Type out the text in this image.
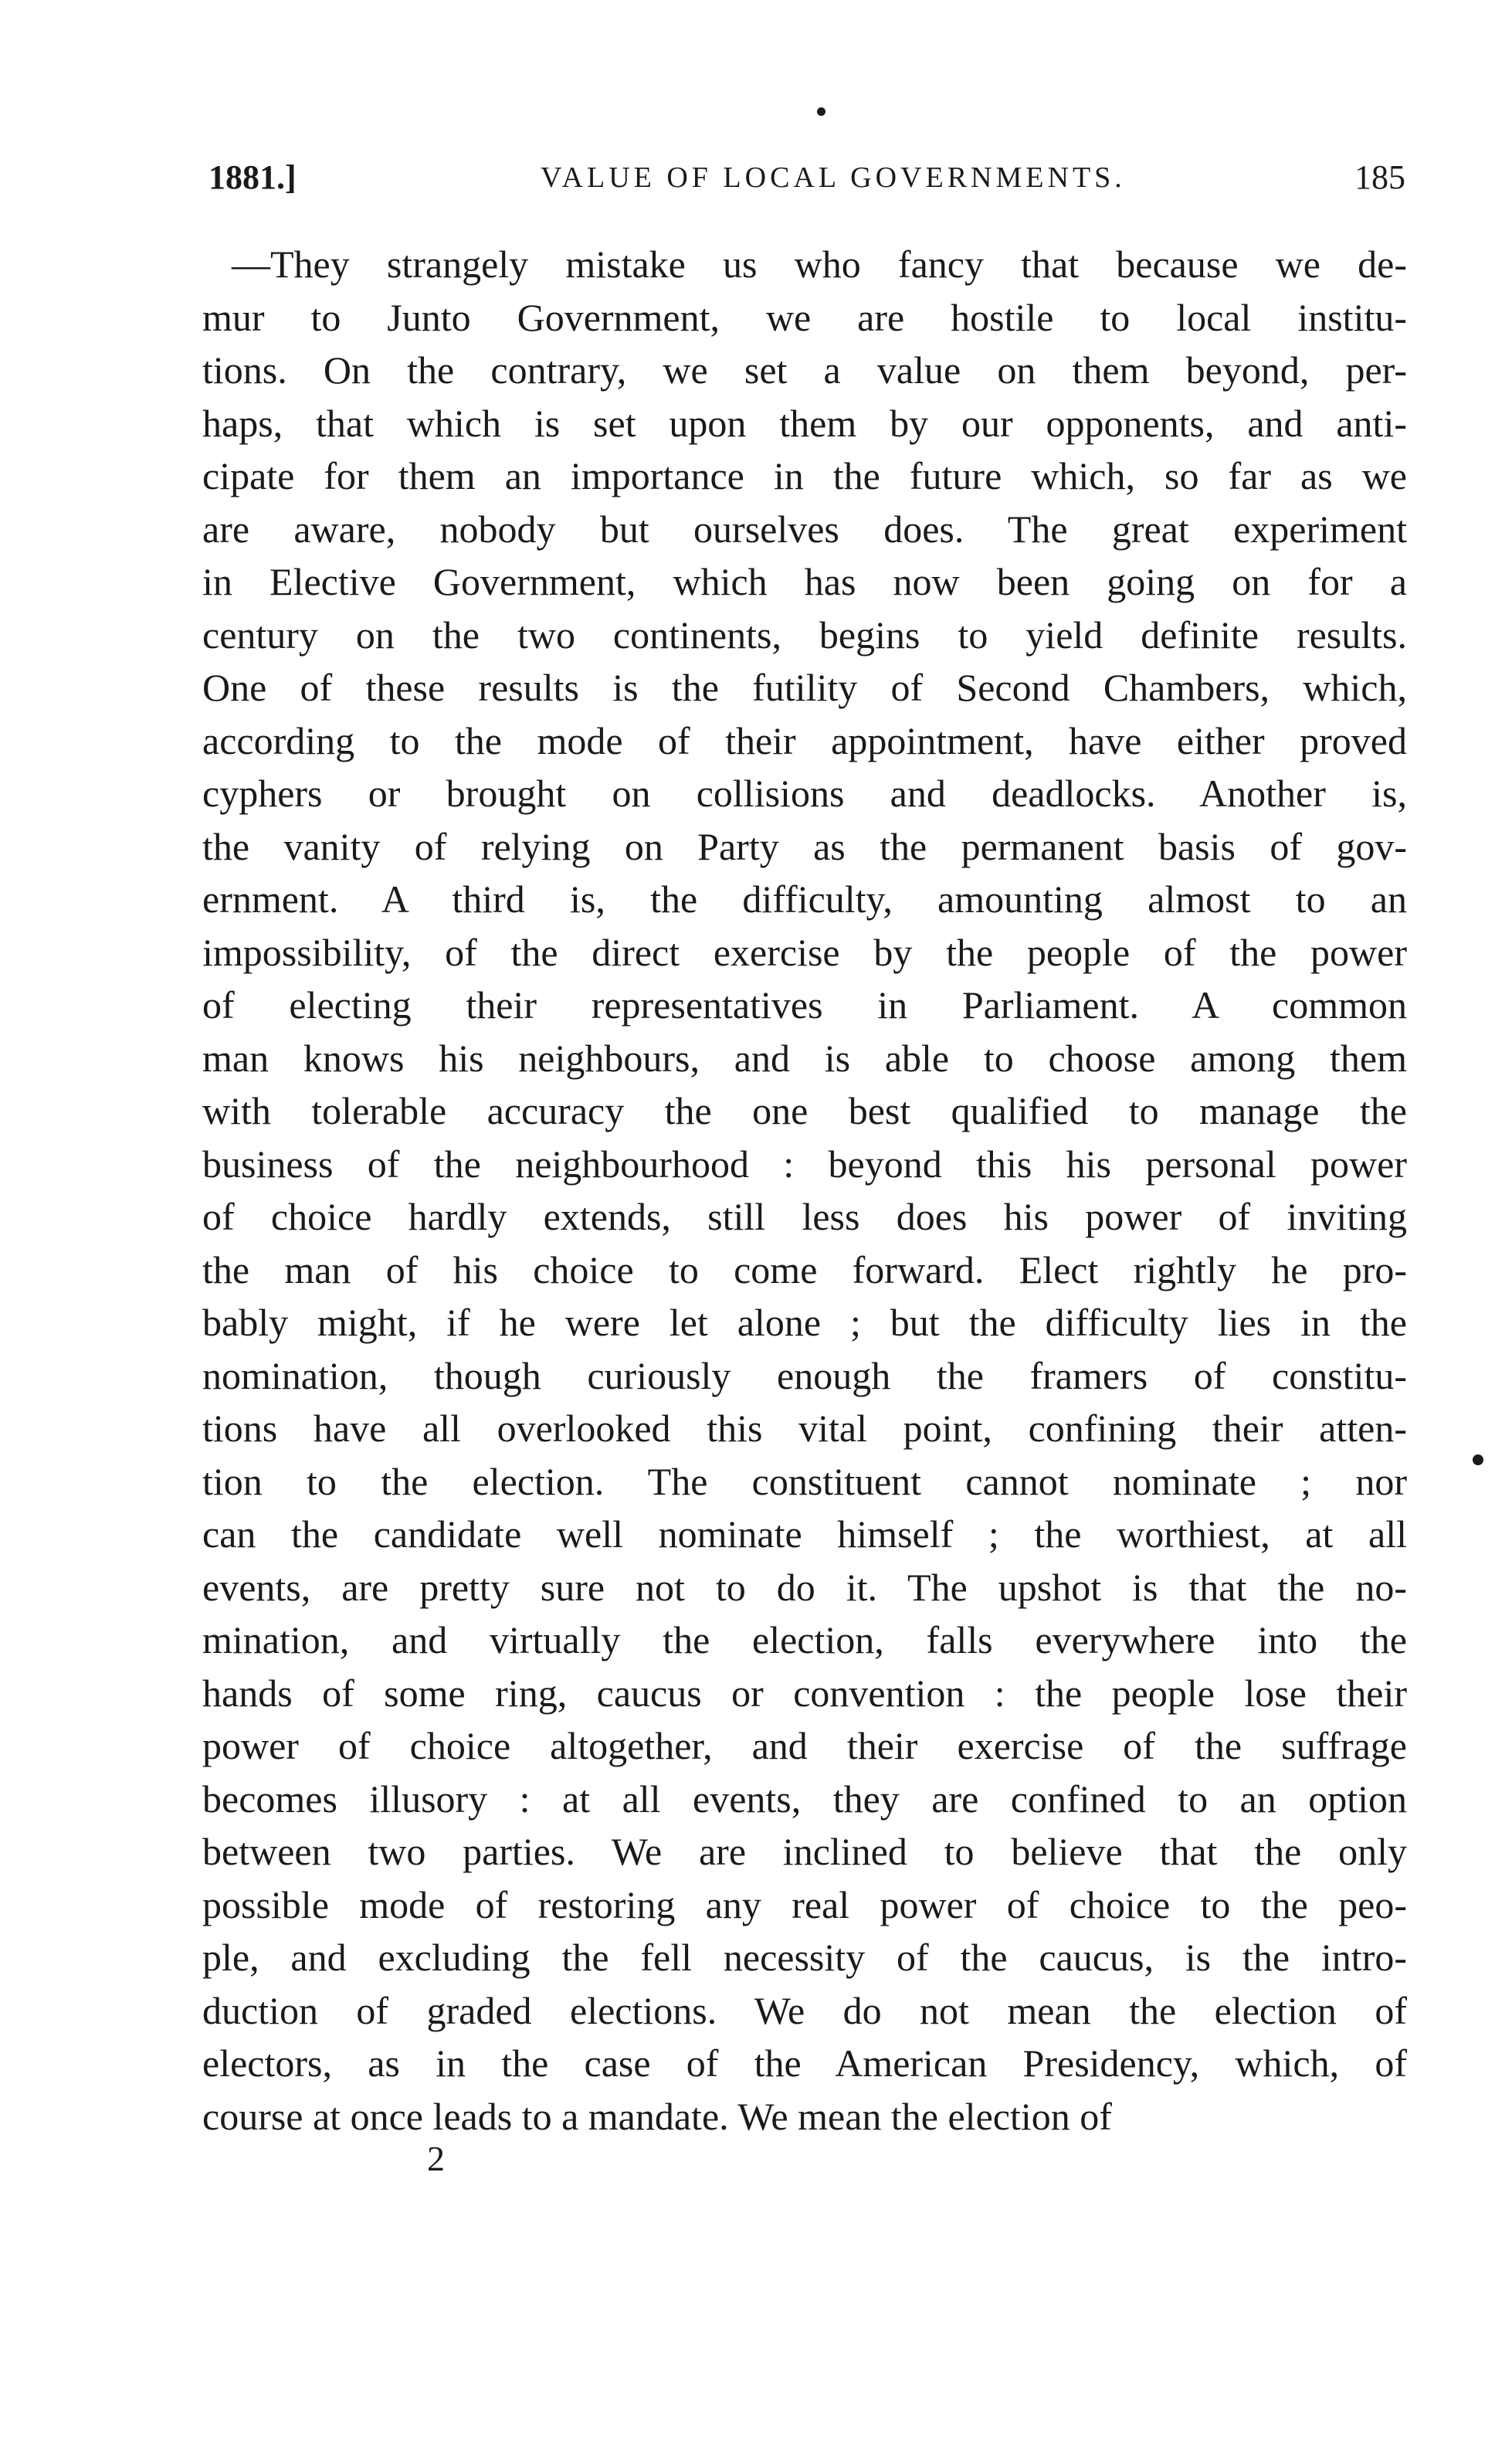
1881.]	VALUE OF LOCAL GOVERNMENTS.	185
—They strangely mistake us who fancy that because we de-
mur to Junto Government, we are hostile to local institu-
tions. On the contrary, we set a value on them beyond, per-
haps, that which is set upon them by our opponents, and anti-
cipate for them an importance in the future which, so far as we
are aware, nobody but ourselves does. The great experiment
in Elective Government, which has now been going on for a
century on the two continents, begins to yield definite results.
One of these results is the futility of Second Chambers, which,
according to the mode of their appointment, have either proved
cyphers or brought on collisions and deadlocks. Another is,
the vanity of relying on Party as the permanent basis of gov-
ernment. A third is, the difficulty, amounting almost to an
impossibility, of the direct exercise by the people of the power
of electing their representatives in Parliament. A common
man knows his neighbours, and is able to choose among them
with tolerable accuracy the one best qualified to manage the
business of the neighbourhood : beyond this his personal power
of choice hardly extends, still less does his power of inviting
the man of his choice to come forward. Elect rightly he pro-
bably might, if he were let alone ; but the difficulty lies in the
nomination, though curiously enough the framers of constitu-
tions have all overlooked this vital point, confining their atten-
tion to the election. The constituent cannot nominate ; nor
can the candidate well nominate himself ; the worthiest, at all
events, are pretty sure not to do it. The upshot is that the no-
mination, and virtually the election, falls everywhere into the
hands of some ring, caucus or convention : the people lose their
power of choice altogether, and their exercise of the suffrage
becomes illusory : at all events, they are confined to an option
between two parties. We are inclined to believe that the only
possible mode of restoring any real power of choice to the peo-
ple, and excluding the fell necessity of the caucus, is the intro-
duction of graded elections. We do not mean the election of
electors, as in the case of the American Presidency, which, of
course at once leads to a mandate. We mean the election of
2
